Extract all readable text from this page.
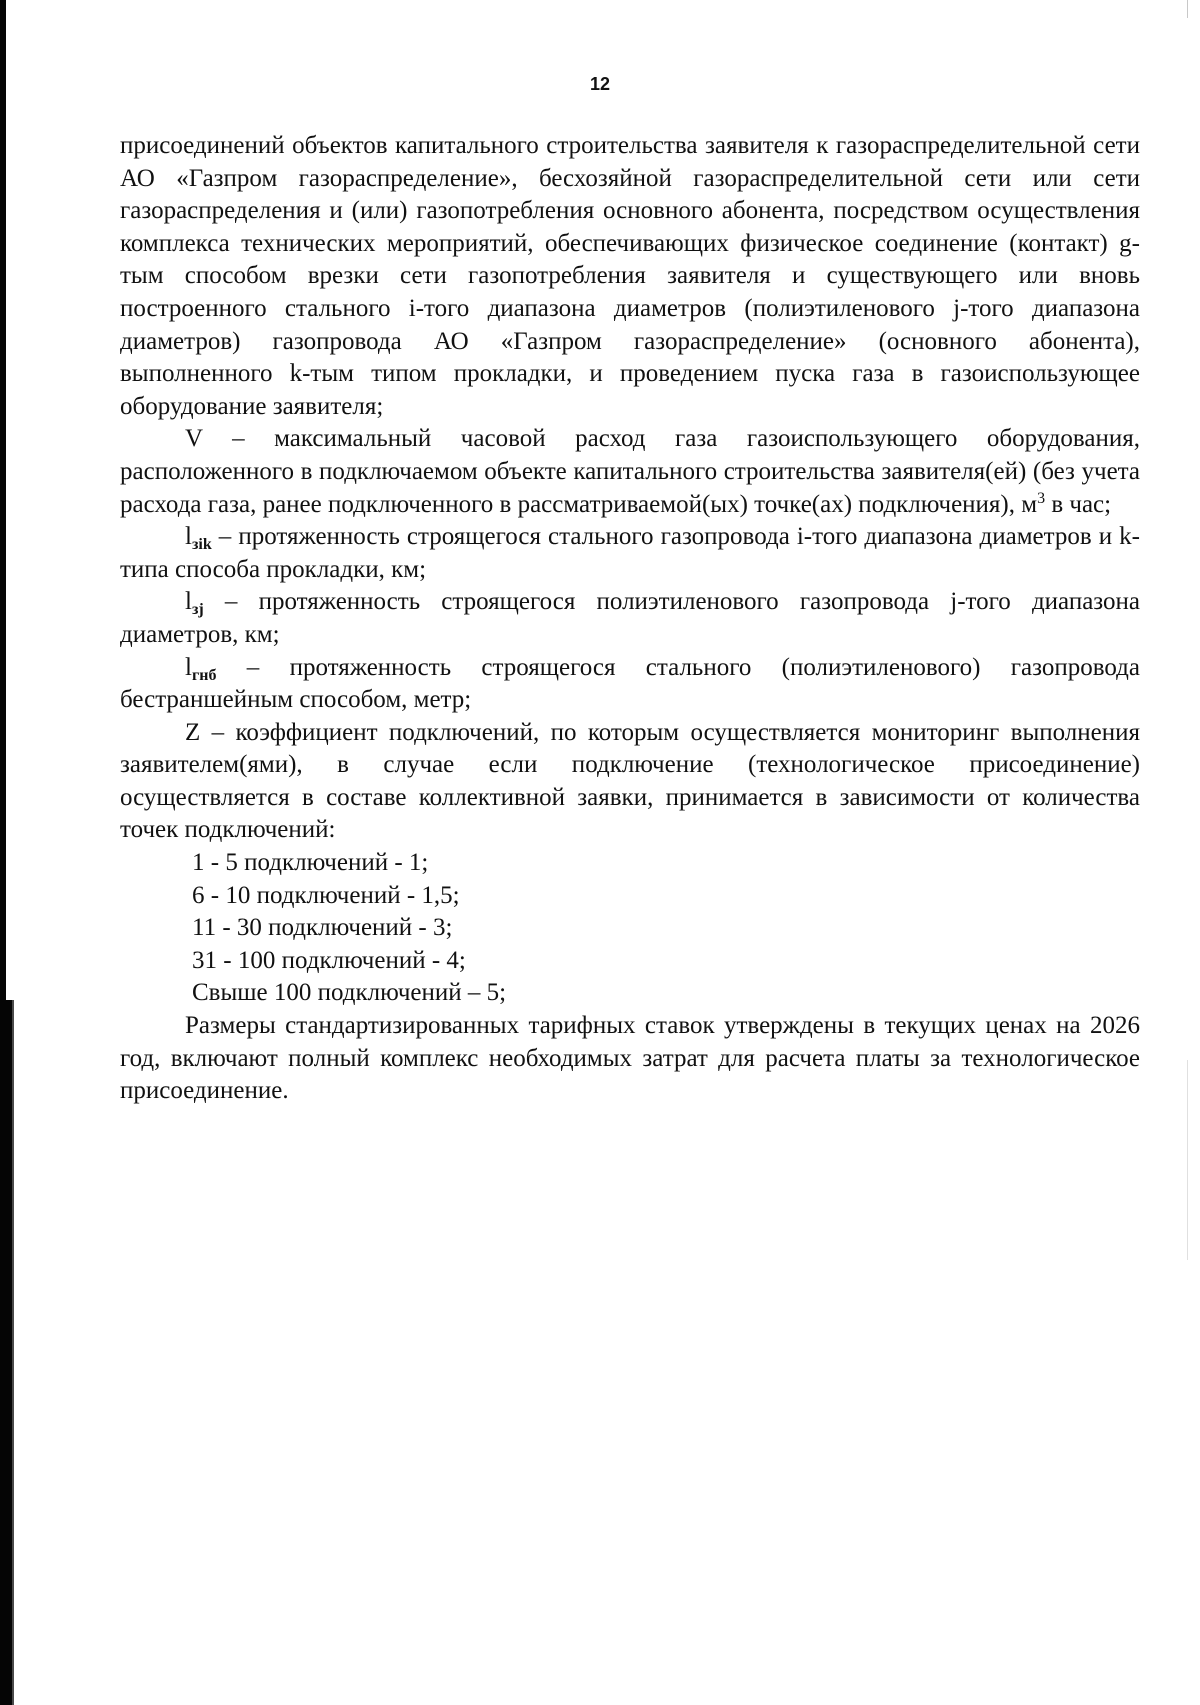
12

присоединений объектов капитального строительства заявителя к газораспределительной сети АО «Газпром газораспределение», бесхозяйной газораспределительной сети или сети газораспределения и (или) газопотребления основного абонента, посредством осуществления комплекса технических мероприятий, обеспечивающих физическое соединение (контакт) g-тым способом врезки сети газопотребления заявителя и существующего или вновь построенного стального i-того диапазона диаметров (полиэтиленового j-того диапазона диаметров) газопровода АО «Газпром газораспределение» (основного абонента), выполненного k-тым типом прокладки, и проведением пуска газа в газоиспользующее оборудование заявителя;

V – максимальный часовой расход газа газоиспользующего оборудования, расположенного в подключаемом объекте капитального строительства заявителя(ей) (без учета расхода газа, ранее подключенного в рассматриваемой(ых) точке(ах) подключения), $м^3$ в час;

$l_{зik}$ – протяженность строящегося стального газопровода i-того диапазона диаметров и k-типа способа прокладки, км;

$l_{зj}$ – протяженность строящегося полиэтиленового газопровода j-того диапазона диаметров, км;

$l_{гнб}$ – протяженность строящегося стального (полиэтиленового) газопровода бестраншейным способом, метр;

Z – коэффициент подключений, по которым осуществляется мониторинг выполнения заявителем(ями), в случае если подключение (технологическое присоединение) осуществляется в составе коллективной заявки, принимается в зависимости от количества точек подключений:

1 - 5 подключений - 1;

6 - 10 подключений - 1,5;

11 - 30 подключений - 3;

31 - 100 подключений - 4;

Свыше 100 подключений – 5;

Размеры стандартизированных тарифных ставок утверждены в текущих ценах на 2026 год, включают полный комплекс необходимых затрат для расчета платы за технологическое присоединение.
